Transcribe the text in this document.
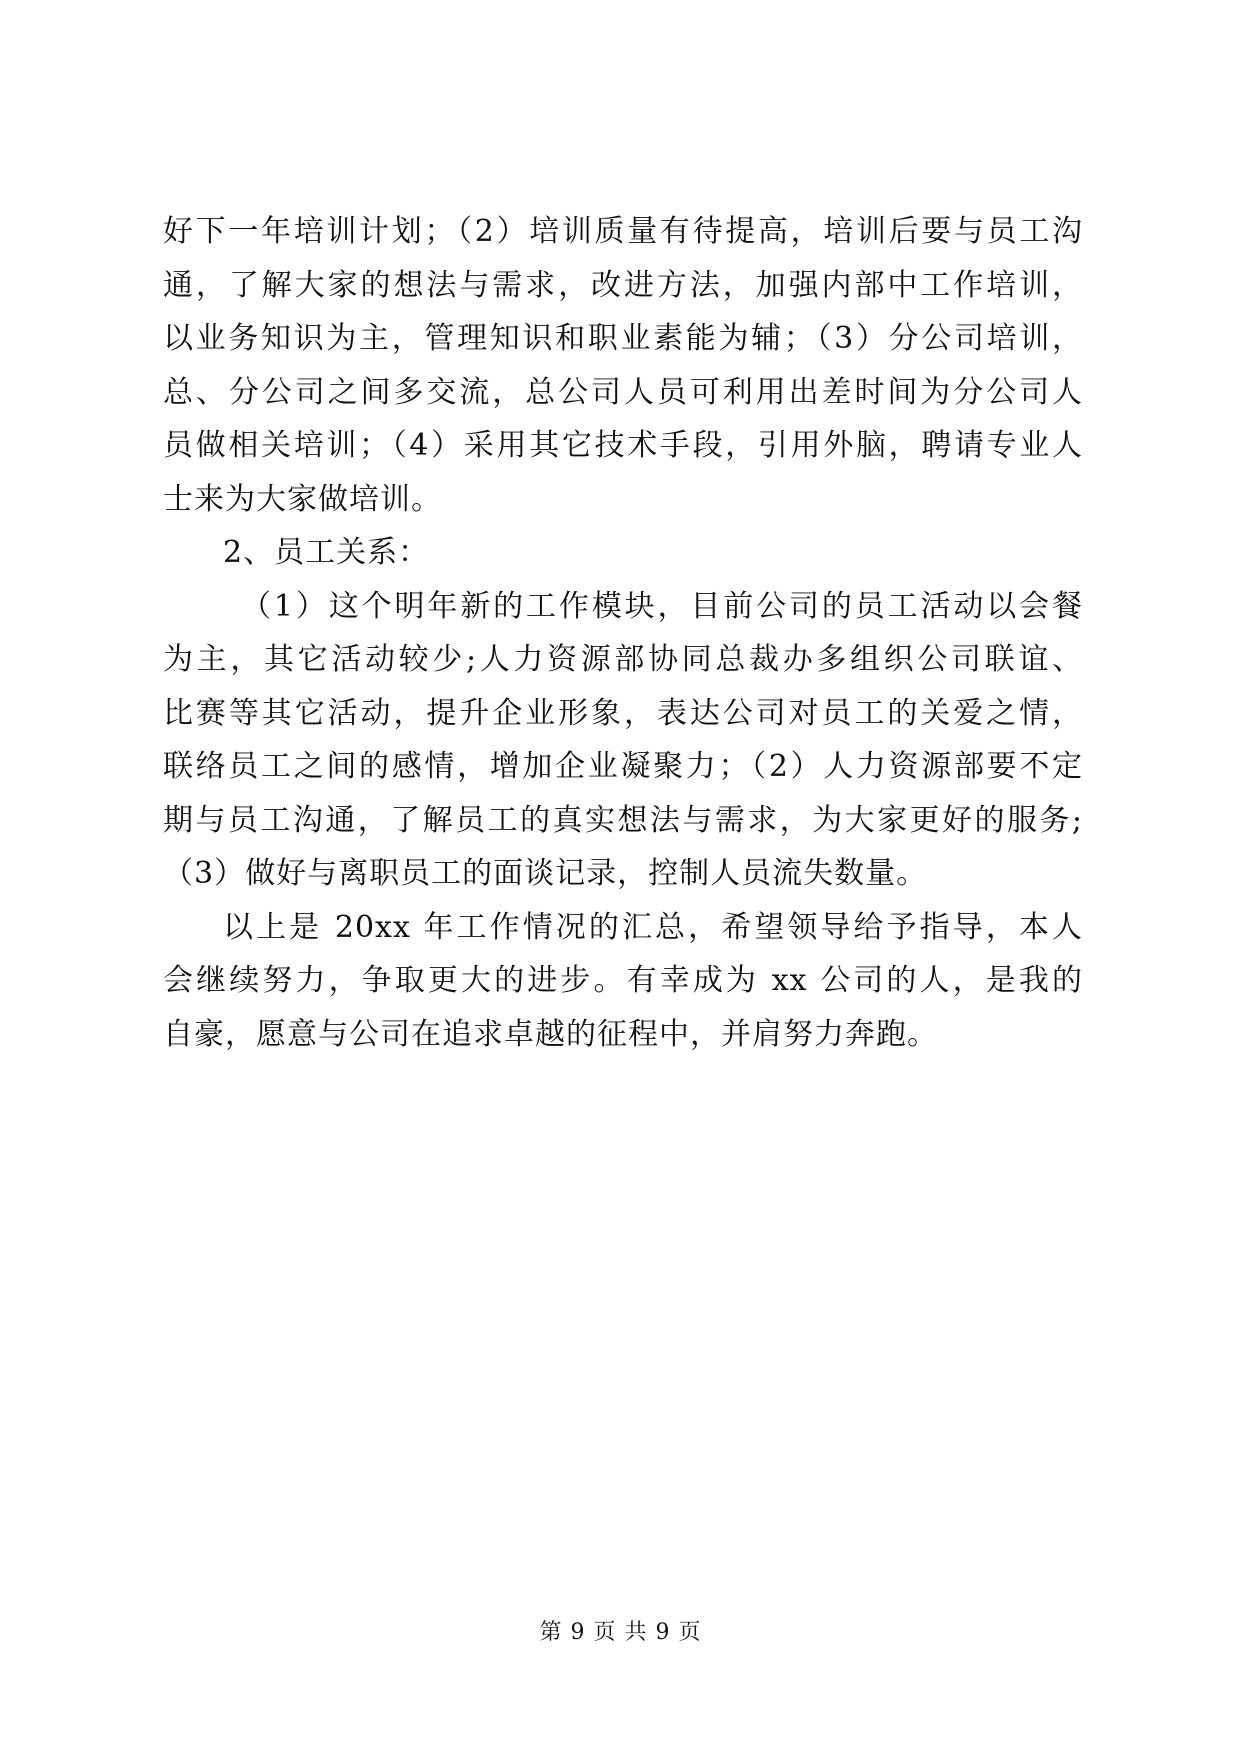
好下一年培训计划；（2）培训质量有待提高，培训后要与员工沟
通，了解大家的想法与需求，改进方法，加强内部中工作培训，
以业务知识为主，管理知识和职业素能为辅；（3）分公司培训，
总、分公司之间多交流，总公司人员可利用出差时间为分公司人
员做相关培训；（4）采用其它技术手段，引用外脑，聘请专业人
士来为大家做培训。
2、员工关系：
（1）这个明年新的工作模块，目前公司的员工活动以会餐
为主，其它活动较少;人力资源部协同总裁办多组织公司联谊、
比赛等其它活动，提升企业形象，表达公司对员工的关爱之情，
联络员工之间的感情，增加企业凝聚力；（2）人力资源部要不定
期与员工沟通，了解员工的真实想法与需求，为大家更好的服务;
（3）做好与离职员工的面谈记录，控制人员流失数量。
以上是 20xx 年工作情况的汇总，希望领导给予指导，本人
会继续努力，争取更大的进步。有幸成为 xx 公司的人，是我的
自豪，愿意与公司在追求卓越的征程中，并肩努力奔跑。
第 9 页 共 9 页
